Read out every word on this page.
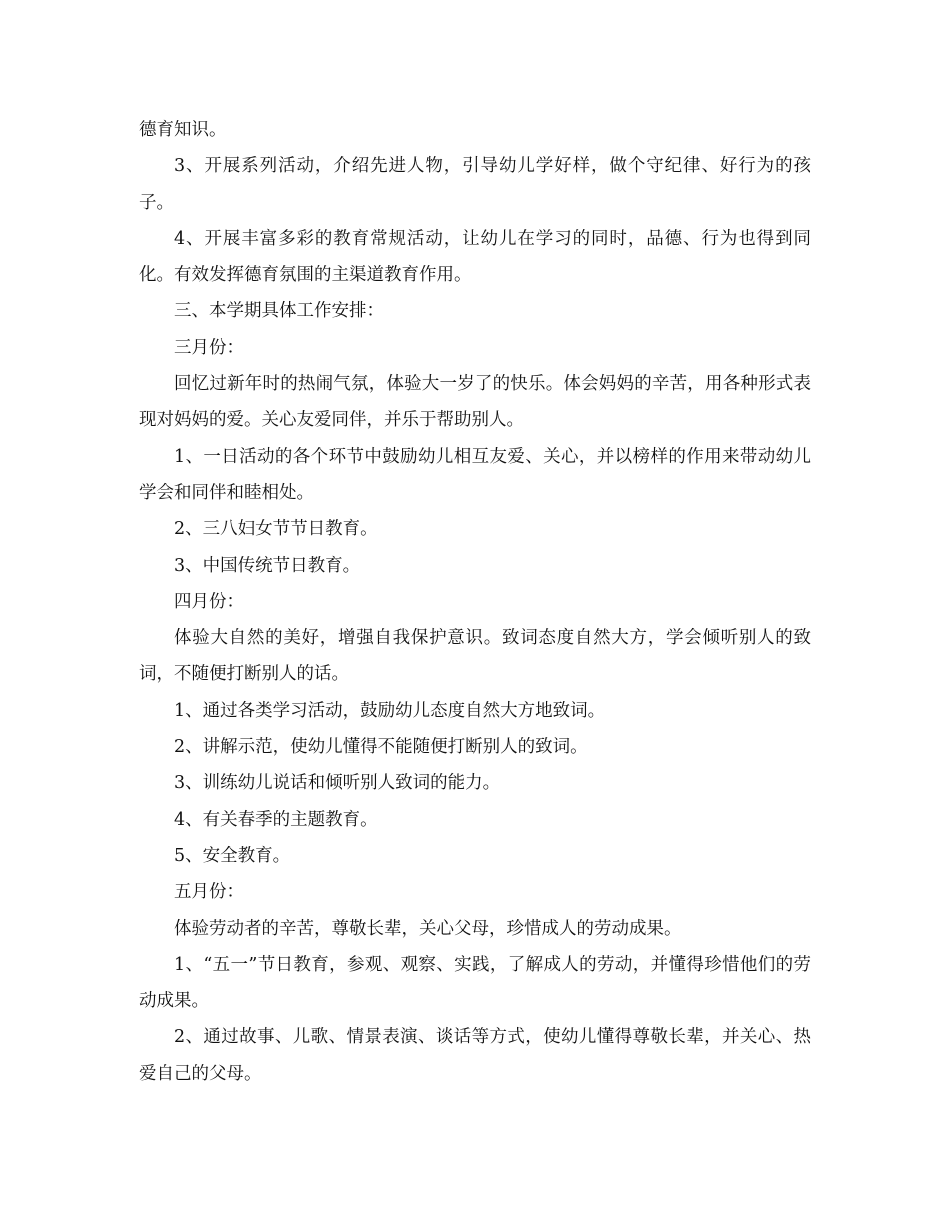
德育知识。

3、开展系列活动，介绍先进人物，引导幼儿学好样，做个守纪律、好行为的孩子。

4、开展丰富多彩的教育常规活动，让幼儿在学习的同时，品德、行为也得到同化。有效发挥德育氛围的主渠道教育作用。

三、本学期具体工作安排：

三月份：

回忆过新年时的热闹气氛，体验大一岁了的快乐。体会妈妈的辛苦，用各种形式表现对妈妈的爱。关心友爱同伴，并乐于帮助别人。

1、一日活动的各个环节中鼓励幼儿相互友爱、关心，并以榜样的作用来带动幼儿学会和同伴和睦相处。

2、三八妇女节节日教育。

3、中国传统节日教育。

四月份：

体验大自然的美好，增强自我保护意识。致词态度自然大方，学会倾听别人的致词，不随便打断别人的话。

1、通过各类学习活动，鼓励幼儿态度自然大方地致词。

2、讲解示范，使幼儿懂得不能随便打断别人的致词。

3、训练幼儿说话和倾听别人致词的能力。

4、有关春季的主题教育。

5、安全教育。

五月份：

体验劳动者的辛苦，尊敬长辈，关心父母，珍惜成人的劳动成果。

1、“五一”节日教育，参观、观察、实践，了解成人的劳动，并懂得珍惜他们的劳动成果。

2、通过故事、儿歌、情景表演、谈话等方式，使幼儿懂得尊敬长辈，并关心、热爱自己的父母。
